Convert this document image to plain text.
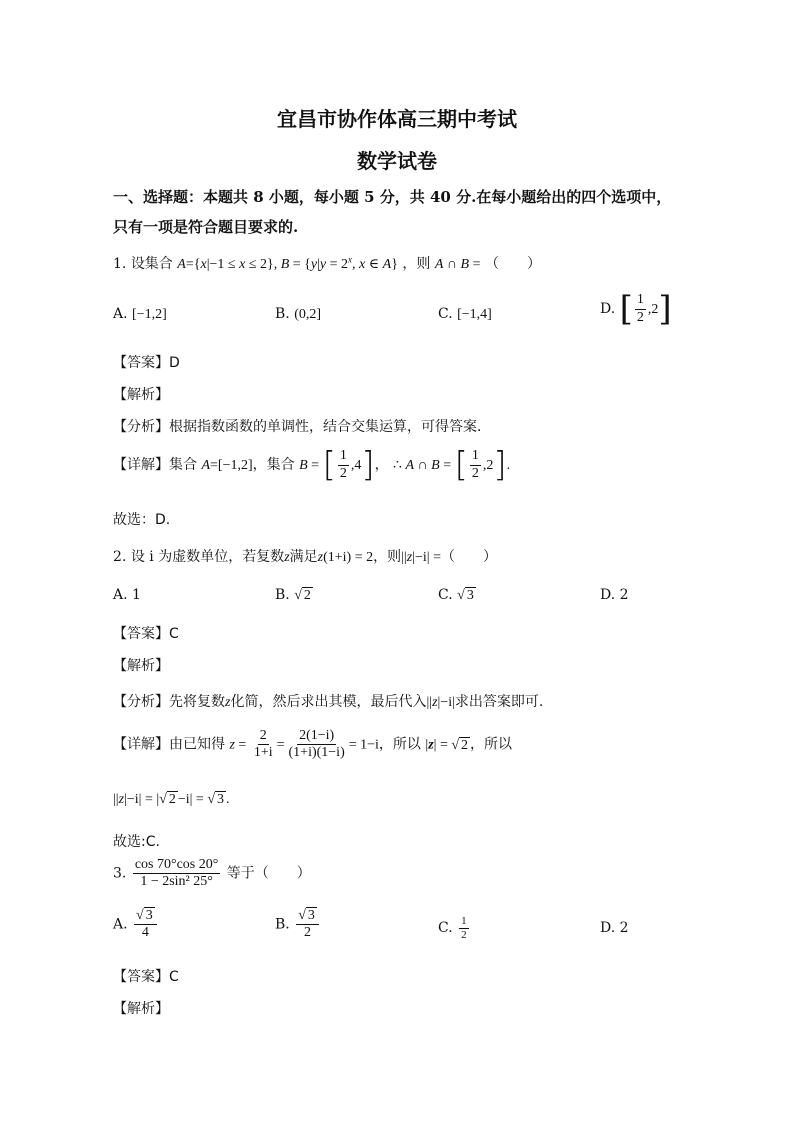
宜昌市协作体高三期中考试
数学试卷
一、选择题：本题共 8 小题，每小题 5 分，共 40 分.在每小题给出的四个选项中，
只有一项是符合题目要求的.
1. 设集合 A={x|−1 ≤ x ≤ 2}, $B = \{y|y = 2^x$, x ∈ A} ，则 A ∩ B = （　　）
A. [−1,2]	B. (0,2]	C. [−1,4]	D. [ $\frac{1}{2} ,2$]
【答案】D
【解析】
【分析】根据指数函数的单调性，结合交集运算，可得答案.
【详解】集合 A=[−1,2]，集合 B = [ $\frac{1}{2} ,4$]， ∴ A ∩ B = [ $\frac{1}{2} ,2$].
故选：D.
2. 设 i 为虚数单位，若复数z满足z(1+i) = 2，则||z|−i| =（　　）
A. 1	B. √ 2	C. √ 3	D. 2
【答案】C
【解析】
【分析】先将复数z化简，然后求出其模，最后代入||z|−i|求出答案即可.
【详解】由已知得 $z = \frac{2}{1+i} = \frac{2(1-i)}{(1+i)(1-i)} = 1-i$，所以 |z| = √ 2 ，所以
||z|−i| = |√ 2 −i| = √ 3 .
故选:C.
3. $\frac{\cos 70^\circ\cos 20^\circ}{\text{1 − 2sin² 25°}}$ 等于（　　）
A. $\frac{√ 3}{4}$	B. $\frac{√ 3}{2}$	C. $\frac{1}{2}$	D. 2
【答案】C
【解析】
